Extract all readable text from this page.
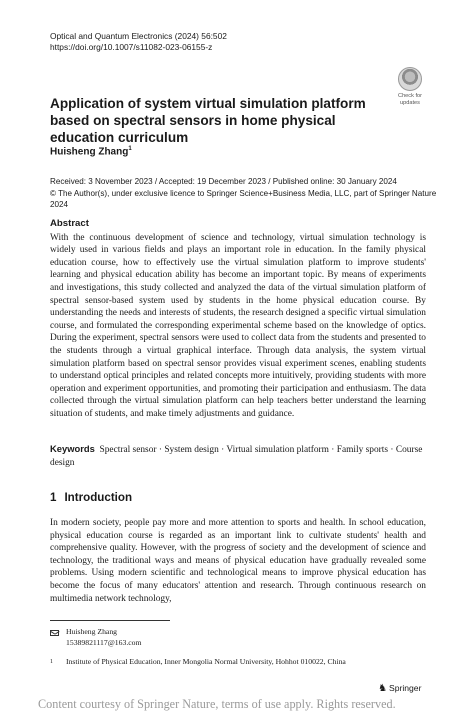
Optical and Quantum Electronics (2024) 56:502
https://doi.org/10.1007/s11082-023-06155-z
Check for updates
Application of system virtual simulation platform based on spectral sensors in home physical education curriculum
Huisheng Zhang$^1$
Received: 3 November 2023 / Accepted: 19 December 2023 / Published online: 30 January 2024
© The Author(s), under exclusive licence to Springer Science+Business Media, LLC, part of Springer Nature 2024
Abstract
With the continuous development of science and technology, virtual simulation technology is widely used in various fields and plays an important role in education. In the family physical education course, how to effectively use the virtual simulation platform to improve students' learning and physical education ability has become an important topic. By means of experiments and investigations, this study collected and analyzed the data of the virtual simulation platform of spectral sensor-based system used by students in the home physical education course. By understanding the needs and interests of students, the research designed a specific virtual simulation course, and formulated the corresponding experimental scheme based on the knowledge of optics. During the experiment, spectral sensors were used to collect data from the students and presented to the students through a virtual graphical interface. Through data analysis, the system virtual simulation platform based on spectral sensor provides visual experiment scenes, enabling students to understand optical principles and related concepts more intuitively, providing students with more operation and experiment opportunities, and promoting their participation and enthusiasm. The data collected through the virtual simulation platform can help teachers better understand the learning situation of students, and make timely adjustments and guidance.
Keywords Spectral sensor · System design · Virtual simulation platform · Family sports · Course design
1 Introduction
In modern society, people pay more and more attention to sports and health. In school education, physical education course is regarded as an important link to cultivate students' health and comprehensive quality. However, with the progress of society and the development of science and technology, the traditional ways and means of physical education have gradually revealed some problems. Using modern scientific and technological means to improve physical education has become the focus of many educators' attention and research. Through continuous research on multimedia network technology,
Huisheng Zhang
15389821117@163.com
1 Institute of Physical Education, Inner Mongolia Normal University, Hohhot 010022, China
♞ Springer
Content courtesy of Springer Nature, terms of use apply. Rights reserved.
